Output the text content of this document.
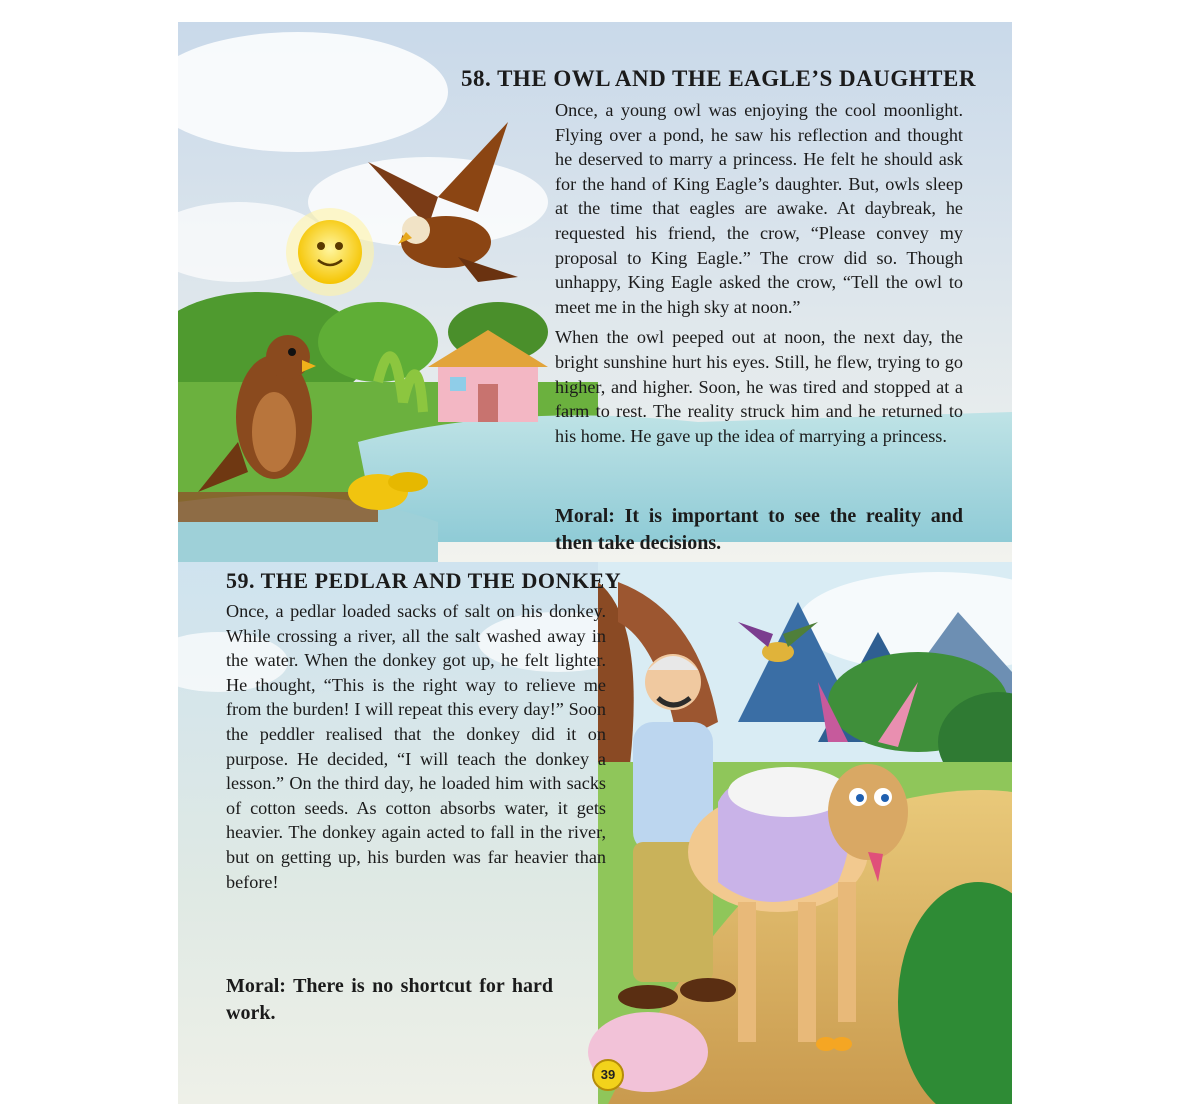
58. THE OWL AND THE EAGLE’S DAUGHTER

Once, a young owl was enjoying the cool moonlight. Flying over a pond, he saw his reflection and thought he deserved to marry a princess. He felt he should ask for the hand of King Eagle’s daughter. But, owls sleep at the time that eagles are awake. At daybreak, he requested his friend, the crow, “Please convey my proposal to King Eagle.” The crow did so. Though unhappy, King Eagle asked the crow, “Tell the owl to meet me in the high sky at noon.”

When the owl peeped out at noon, the next day, the bright sunshine hurt his eyes. Still, he flew, trying to go higher, and higher. Soon, he was tired and stopped at a farm to rest. The reality struck him and he returned to his home. He gave up the idea of marrying a princess.

Moral: It is important to see the reality and then take decisions.

59. THE PEDLAR AND THE DONKEY

Once, a pedlar loaded sacks of salt on his donkey. While crossing a river, all the salt washed away in the water. When the donkey got up, he felt lighter. He thought, “This is the right way to relieve me from the burden! I will repeat this every day!” Soon the peddler realised that the donkey did it on purpose. He decided, “I will teach the donkey a lesson.” On the third day, he loaded him with sacks of cotton seeds. As cotton absorbs water, it gets heavier. The donkey again acted to fall in the river, but on getting up, his burden was far heavier than before!

Moral: There is no shortcut for hard work.

39
